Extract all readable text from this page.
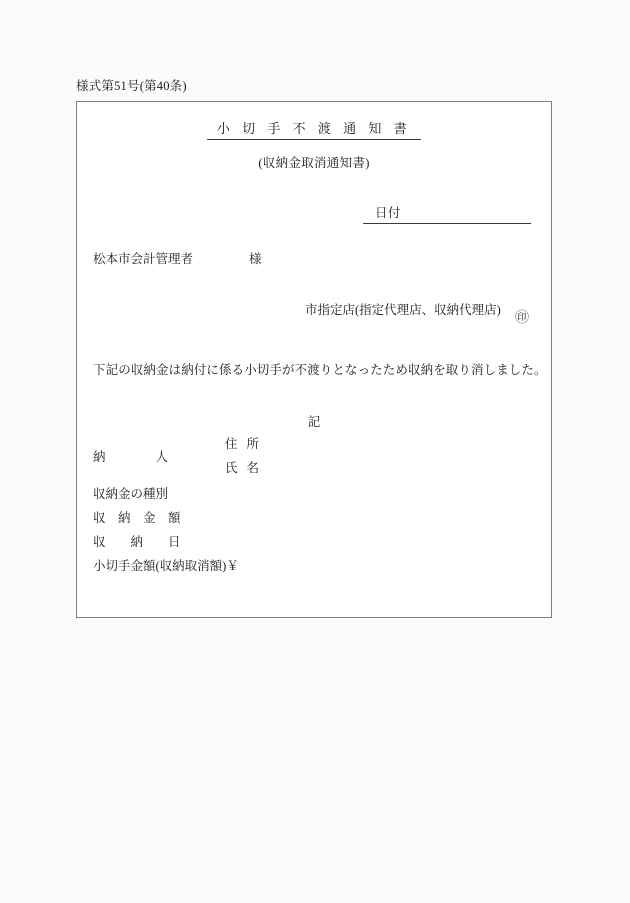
様式第51号(第40条)
小 切 手 不 渡 通 知 書
(収納金取消通知書)
日付
松本市会計管理者	様
市指定店(指定代理店、収納代理店)
㊞
下記の収納金は納付に係る小切手が不渡りとなったため収納を取り消しました。
記
納	人
住 所
氏 名
収納金の種別
収　納　金　額
収　　納　　日
小切手金額(収納取消額)￥
